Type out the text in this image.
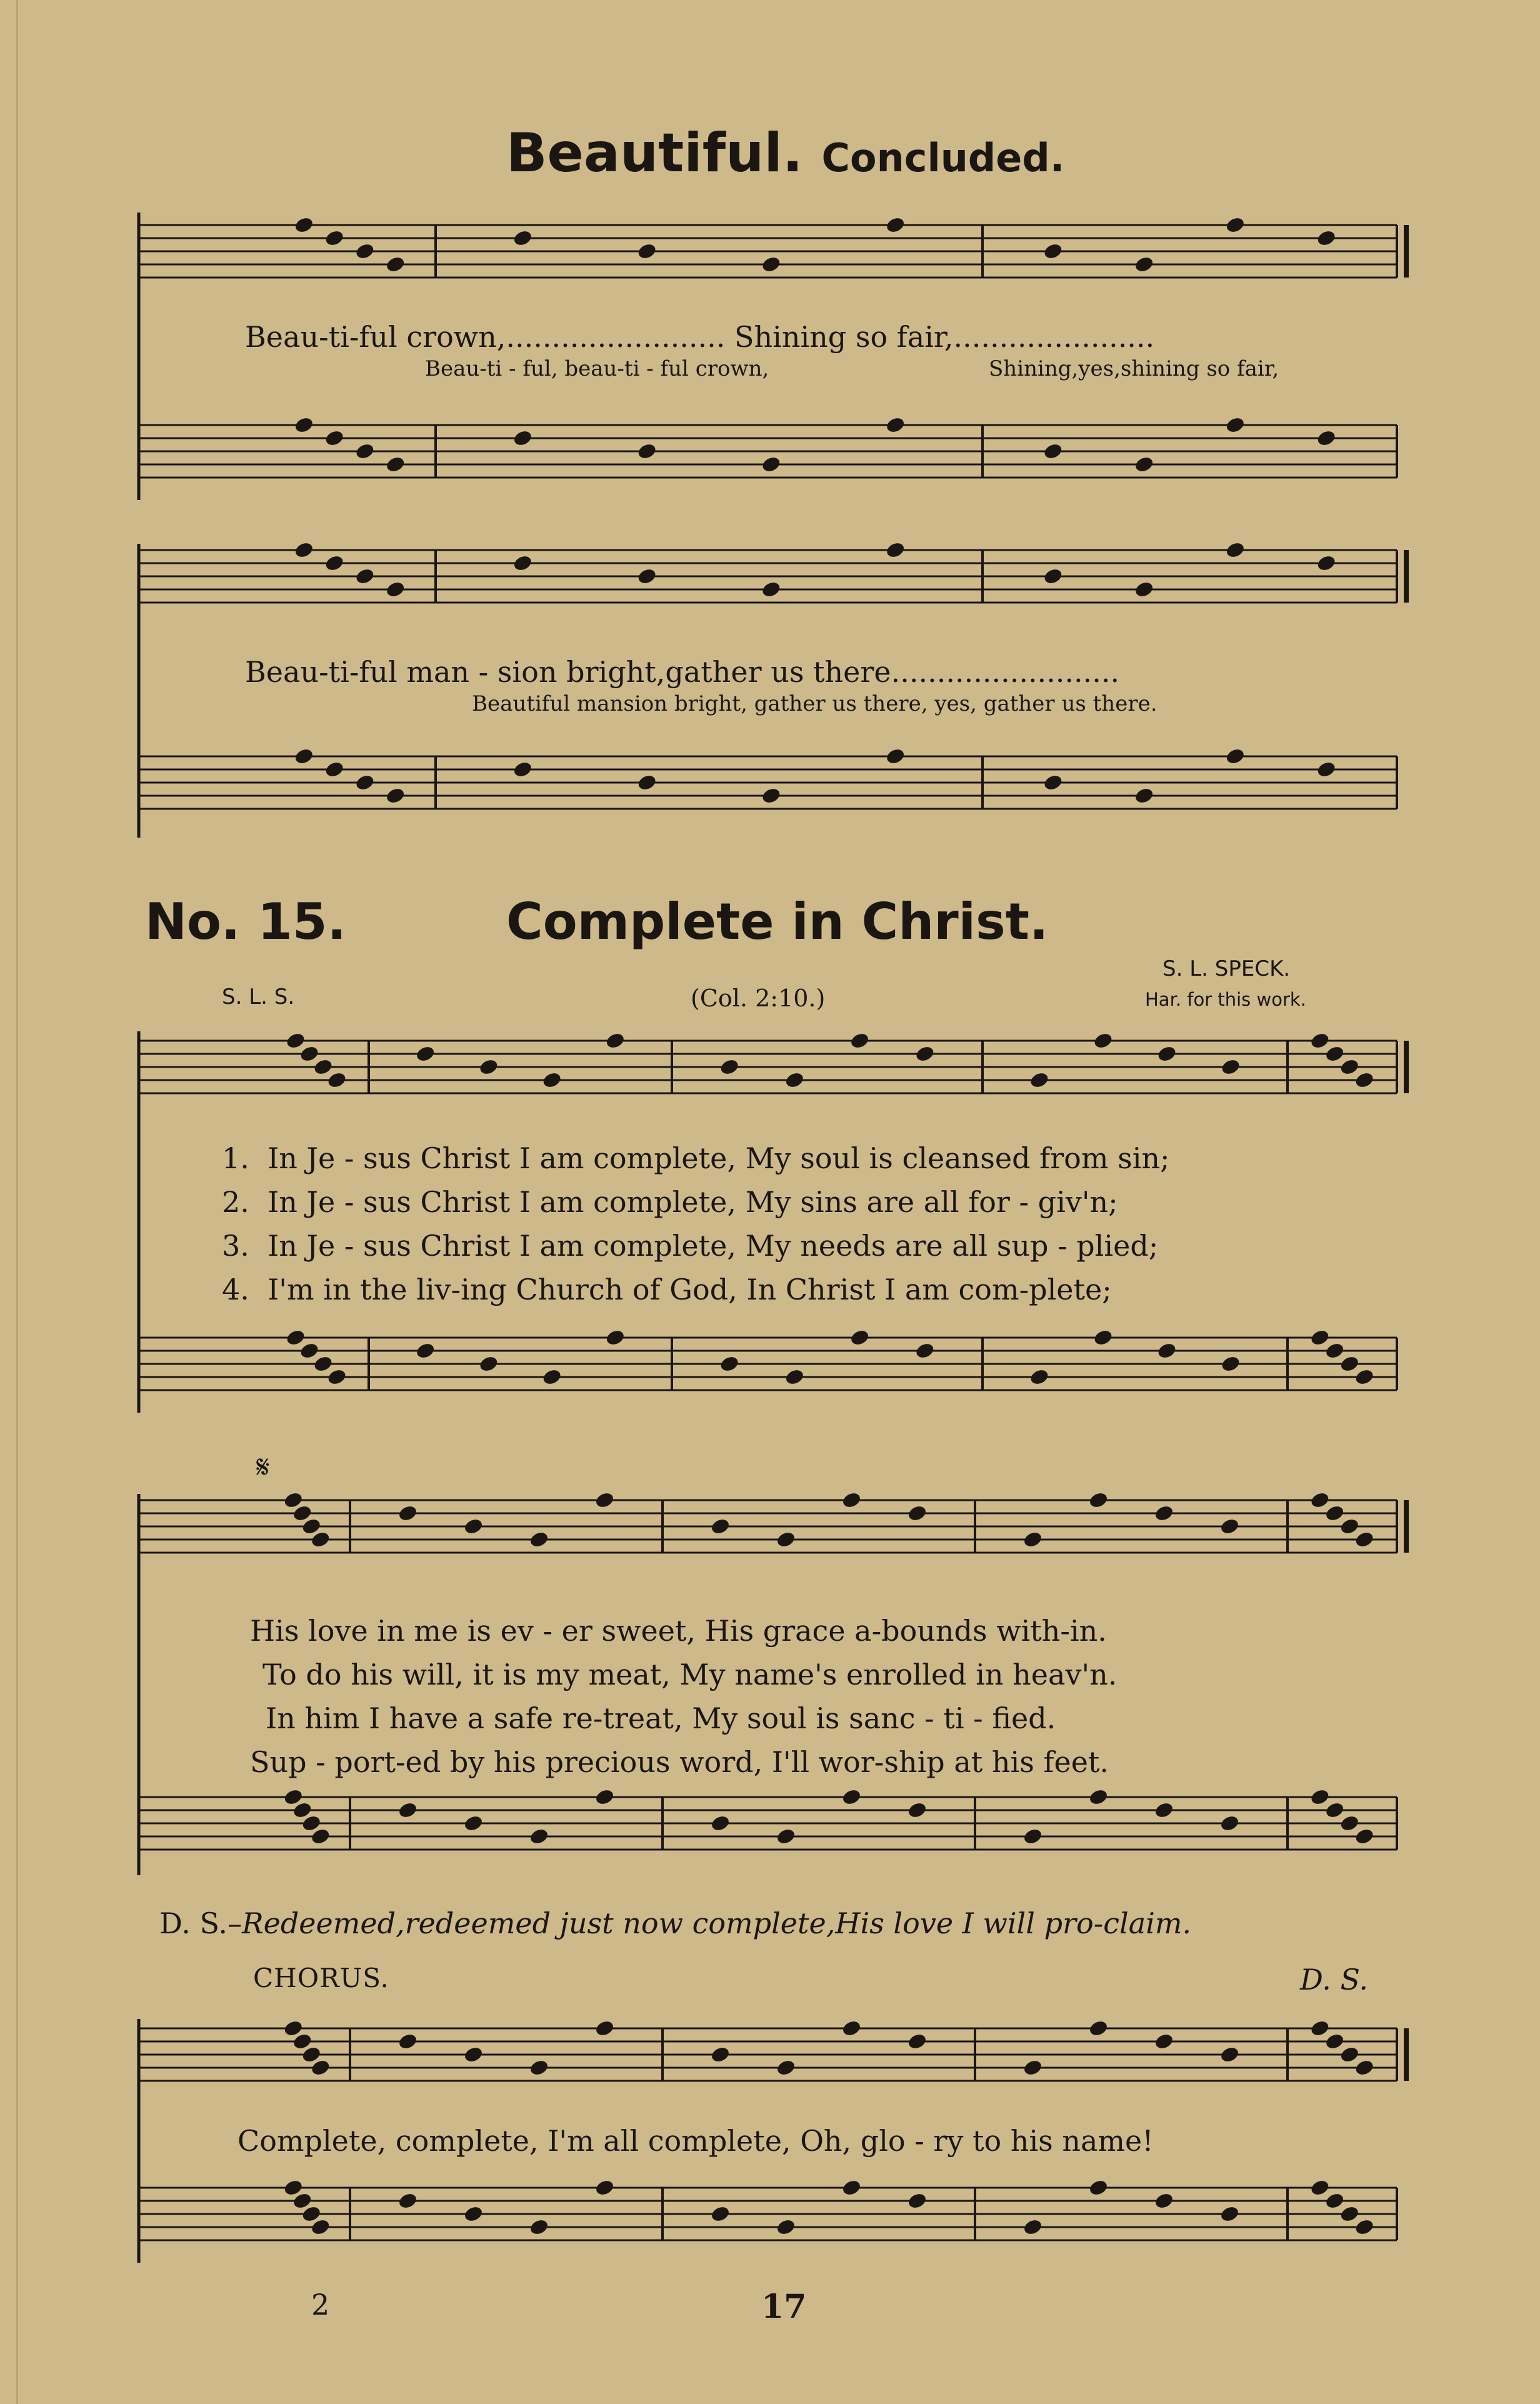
Beautiful. Concluded.
Beau-ti-ful crown,........................ Shining so fair,......................
Beau-ti - ful, beau-ti - ful crown,	Shining,yes,shining so fair,
Beau-ti-ful man - sion bright,gather us there.........................
Beautiful mansion bright, gather us there, yes, gather us there.
No. 15.	Complete in Christ.
S. L. S.	(Col. 2:10.)
S. L. SPECK.
Har. for this work.
1. In Je - sus Christ I am complete, My soul is cleansed from sin;
2. In Je - sus Christ I am complete, My sins are all for - giv'n;
3. In Je - sus Christ I am complete, My needs are all sup - plied;
4. I'm in the liv-ing Church of God, In Christ I am com-plete;
𝄋
His love in me is ev - er sweet, His grace a-bounds with-in.
To do his will, it is my meat, My name's enrolled in heav'n.
In him I have a safe re-treat, My soul is sanc - ti - fied.
Sup - port-ed by his precious word, I'll wor-ship at his feet.
D. S.–Redeemed,redeemed just now complete,His love I will pro-claim.
CHORUS.	D. S.
Complete, complete, I'm all complete, Oh, glo - ry to his name!
2	17
